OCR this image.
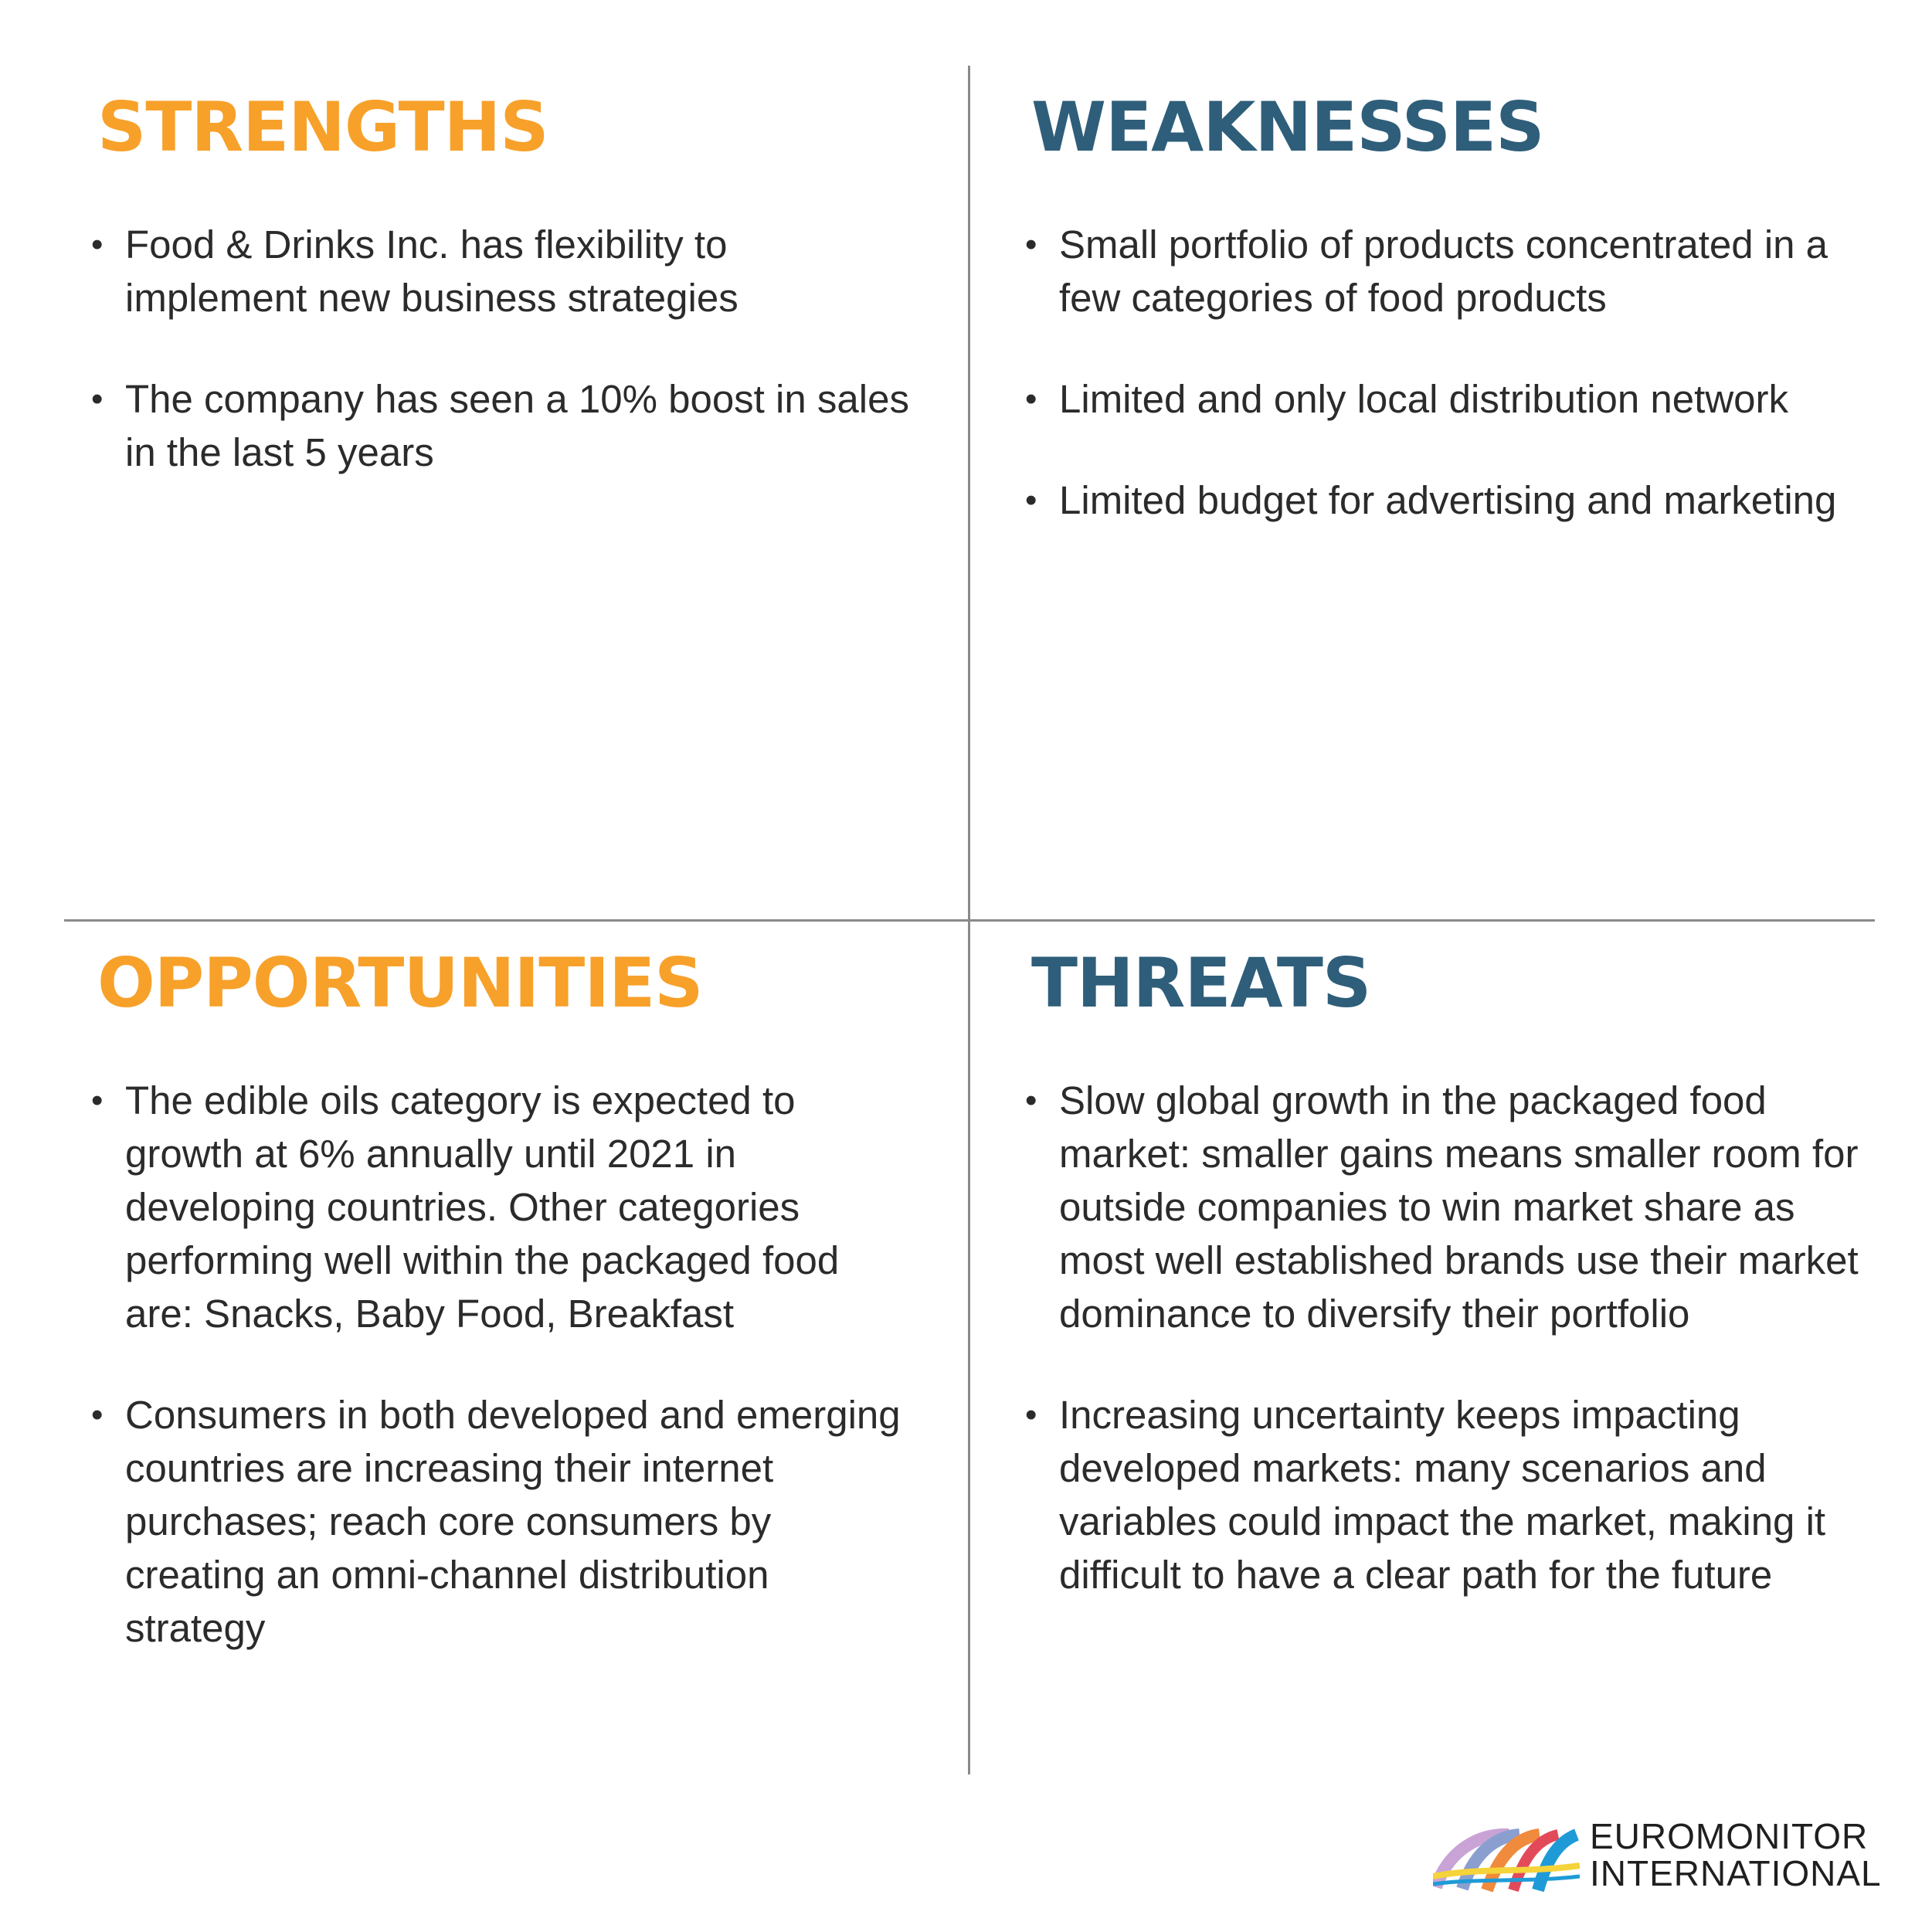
STRENGTHS
• Food & Drinks Inc. has flexibility to implement new business strategies
• The company has seen a 10% boost in sales in the last 5 years
WEAKNESSES
• Small portfolio of products concentrated in a few categories of food products
• Limited and only local distribution network
• Limited budget for advertising and marketing
OPPORTUNITIES
• The edible oils category is expected to growth at 6% annually until 2021 in developing countries. Other categories performing well within the packaged food are: Snacks, Baby Food, Breakfast
• Consumers in both developed and emerging countries are increasing their internet purchases; reach core consumers by creating an omni-channel distribution strategy
THREATS
• Slow global growth in the packaged food market: smaller gains means smaller room for outside companies to win market share as most well established brands use their market dominance to diversify their portfolio
• Increasing uncertainty keeps impacting developed markets: many scenarios and variables could impact the market, making it difficult to have a clear path for the future
EUROMONITOR
INTERNATIONAL
